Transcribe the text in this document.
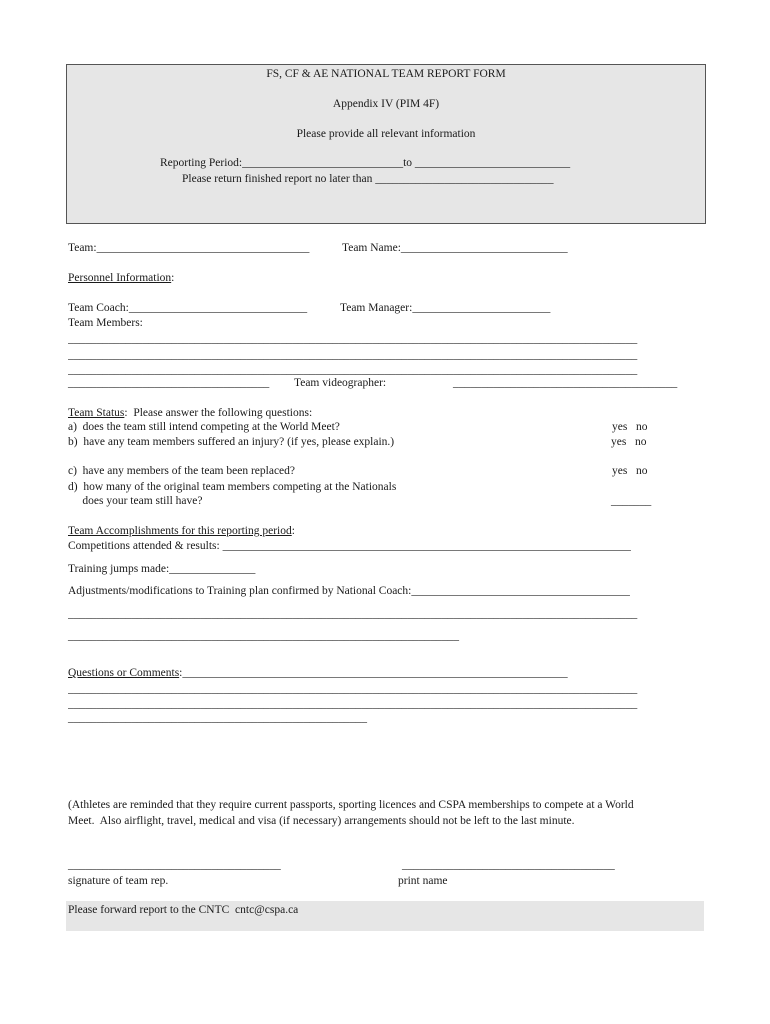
FS, CF & AE NATIONAL TEAM REPORT FORM
Appendix IV (PIM 4F)
Please provide all relevant information
Reporting Period:____________________________to ___________________________
Please return finished report no later than _______________________________
Team:_____________________________________	Team Name:_____________________________
Personnel Information:
Team Coach:_______________________________	Team Manager:________________________
Team Members:
___________________________________________________________________________________________________
___________________________________________________________________________________________________
___________________________________________________________________________________________________
___________________________________ Team videographer:	_______________________________________
Team Status:  Please answer the following questions:
a)  does the team still intend competing at the World Meet?	yes   no
b)  have any team members suffered an injury? (if yes, please explain.)	yes   no
c)  have any members of the team been replaced?	yes   no
d)  how many of the original team members competing at the Nationals
does your team still have?	_______
Team Accomplishments for this reporting period:
Competitions attended & results: _______________________________________________________________________
Training jumps made:_______________
Adjustments/modifications to Training plan confirmed by National Coach:______________________________________
___________________________________________________________________________________________________
____________________________________________________________________
Questions or Comments:___________________________________________________________________
___________________________________________________________________________________________________
___________________________________________________________________________________________________
____________________________________________________
(Athletes are reminded that they require current passports, sporting licences and CSPA memberships to compete at a World
Meet.  Also airflight, travel, medical and visa (if necessary) arrangements should not be left to the last minute.
_____________________________________
signature of team rep.
_____________________________________
print name
Please forward report to the CNTC  cntc@cspa.ca
